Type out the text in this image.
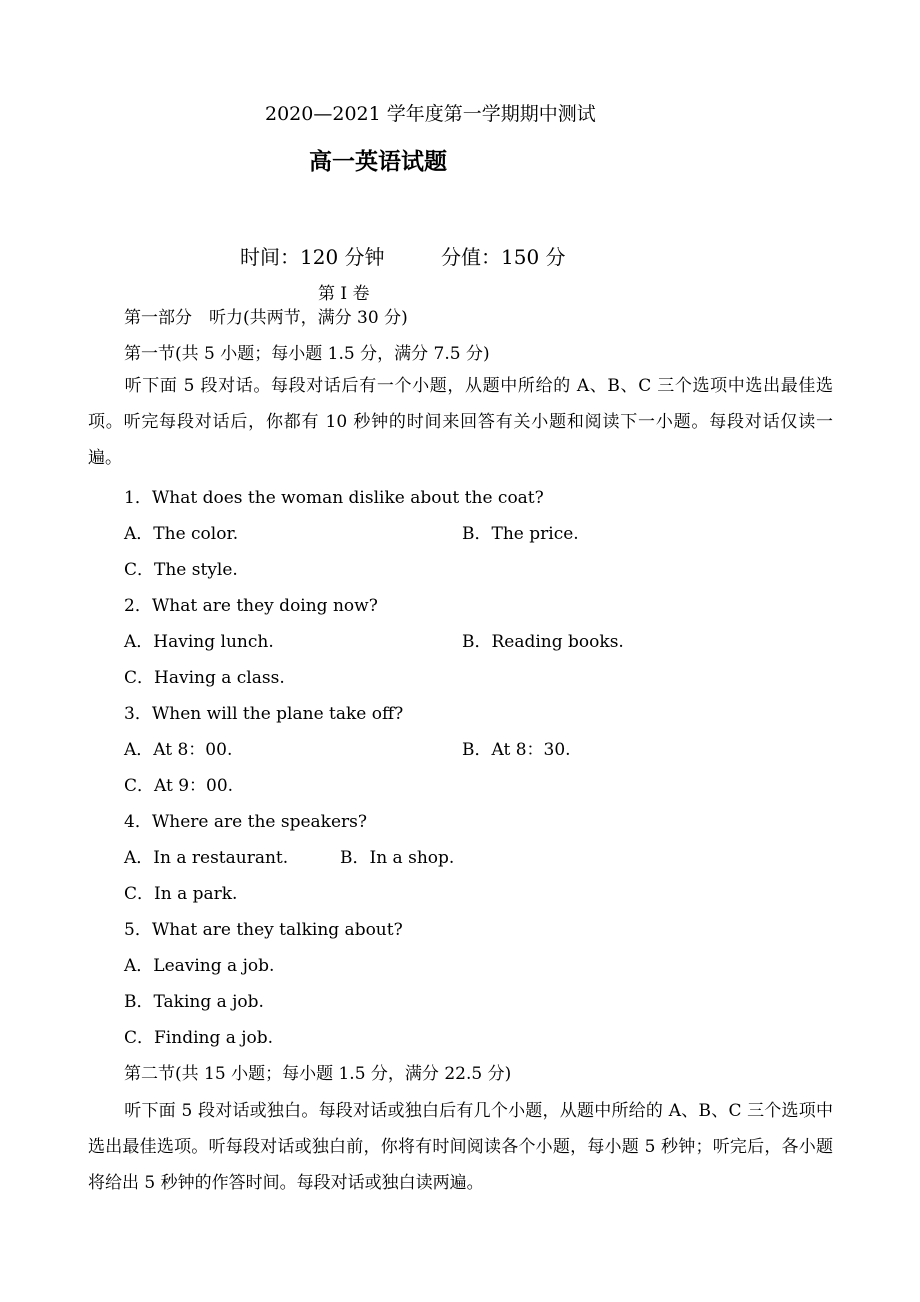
2020—2021 学年度第一学期期中测试
高一英语试题
时间：120 分钟	分值：150 分
第 I 卷
第一部分　听力(共两节，满分 30 分)
第一节(共 5 小题；每小题 1.5 分，满分 7.5 分)
听下面 5 段对话。每段对话后有一个小题，从题中所给的 A、B、C 三个选项中选出最佳选项。听完每段对话后，你都有 10 秒钟的时间来回答有关小题和阅读下一小题。每段对话仅读一遍。
1．What does the woman dislike about the coat?
A．The color.	B．The price.
C．The style.
2．What are they doing now?
A．Having lunch.	B．Reading books.
C．Having a class.
3．When will the plane take off?
A．At 8：00.	B．At 8：30.
C．At 9：00.
4．Where are the speakers?
A．In a restaurant.	B．In a shop.
C．In a park.
5．What are they talking about?
A．Leaving a job.
B．Taking a job.
C．Finding a job.
第二节(共 15 小题；每小题 1.5 分，满分 22.5 分)
听下面 5 段对话或独白。每段对话或独白后有几个小题，从题中所给的 A、B、C 三个选项中选出最佳选项。听每段对话或独白前，你将有时间阅读各个小题，每小题 5 秒钟；听完后，各小题将给出 5 秒钟的作答时间。每段对话或独白读两遍。
